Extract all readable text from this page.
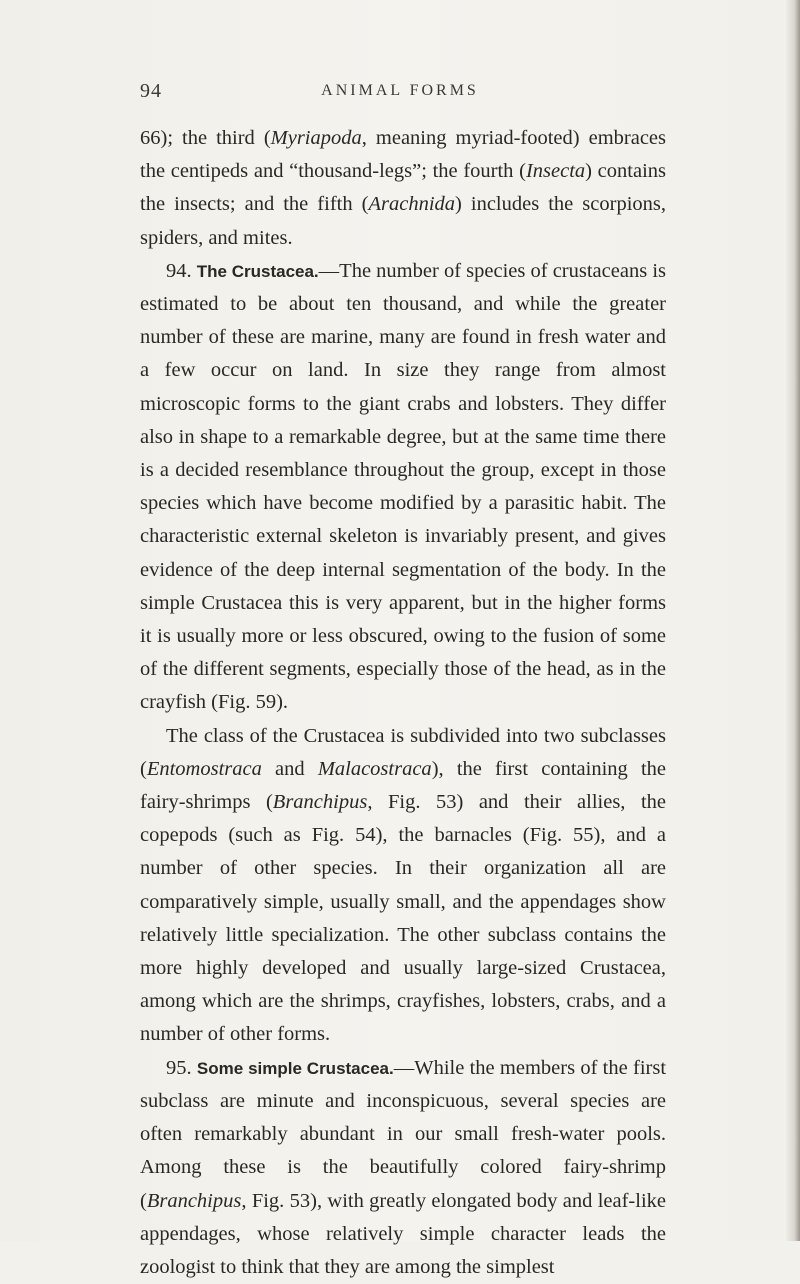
94	ANIMAL FORMS

66); the third (Myriapoda, meaning myriad-footed) embraces the centipeds and “thousand-legs”; the fourth (Insecta) contains the insects; and the fifth (Arachnida) includes the scorpions, spiders, and mites.

94. The Crustacea.—The number of species of crustaceans is estimated to be about ten thousand, and while the greater number of these are marine, many are found in fresh water and a few occur on land. In size they range from almost microscopic forms to the giant crabs and lobsters. They differ also in shape to a remarkable degree, but at the same time there is a decided resemblance throughout the group, except in those species which have become modified by a parasitic habit. The characteristic external skeleton is invariably present, and gives evidence of the deep internal segmentation of the body. In the simple Crustacea this is very apparent, but in the higher forms it is usually more or less obscured, owing to the fusion of some of the different segments, especially those of the head, as in the crayfish (Fig. 59).

The class of the Crustacea is subdivided into two subclasses (Entomostraca and Malacostraca), the first containing the fairy-shrimps (Branchipus, Fig. 53) and their allies, the copepods (such as Fig. 54), the barnacles (Fig. 55), and a number of other species. In their organization all are comparatively simple, usually small, and the appendages show relatively little specialization. The other subclass contains the more highly developed and usually large-sized Crustacea, among which are the shrimps, crayfishes, lobsters, crabs, and a number of other forms.

95. Some simple Crustacea.—While the members of the first subclass are minute and inconspicuous, several species are often remarkably abundant in our small fresh-water pools. Among these is the beautifully colored fairy-shrimp (Branchipus, Fig. 53), with greatly elongated body and leaf-like appendages, whose relatively simple character leads the zoologist to think that they are among the simplest
